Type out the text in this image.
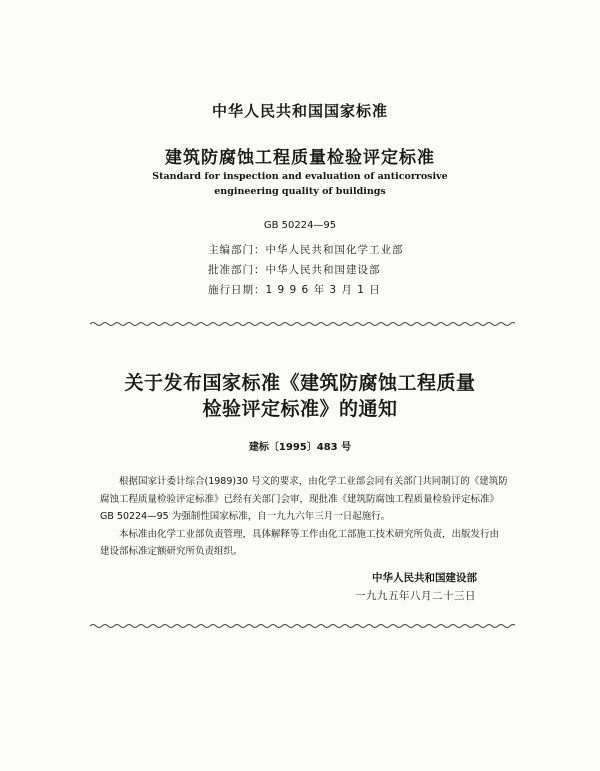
中华人民共和国国家标准
建筑防腐蚀工程质量检验评定标准
Standard for inspection and evaluation of anticorrosive
engineering quality of buildings
GB 50224—95
主编部门：中华人民共和国化学工业部
批准部门：中华人民共和国建设部
施行日期：1 9 9 6 年 3 月 1 日
关于发布国家标准《建筑防腐蚀工程质量
检验评定标准》的通知
建标〔1995〕483 号

根据国家计委计综合(1989)30 号文的要求，由化学工业部会同有关部门共同制订的《建筑防腐蚀工程质量检验评定标准》已经有关部门会审，现批准《建筑防腐蚀工程质量检验评定标准》GB 50224—95 为强制性国家标准，自一九九六年三月一日起施行。

本标准由化学工业部负责管理，具体解释等工作由化工部施工技术研究所负责，出版发行由建设部标准定额研究所负责组织。

中华人民共和国建设部
一九九五年八月二十三日
